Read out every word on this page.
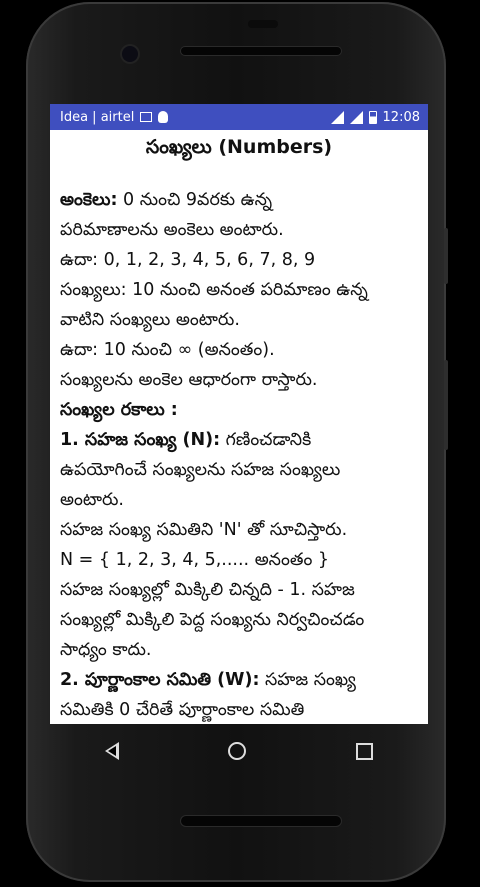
Idea | airtel	12:08
సంఖ్యలు (Numbers)

అంకెలు: 0 నుంచి 9వరకు ఉన్న

పరిమాణాలను అంకెలు అంటారు.

ఉదా: 0, 1, 2, 3, 4, 5, 6, 7, 8, 9

సంఖ్యలు: 10 నుంచి అనంత పరిమాణం ఉన్న

వాటిని సంఖ్యలు అంటారు.

ఉదా: 10 నుంచి ∞ (అనంతం).

సంఖ్యలను అంకెల ఆధారంగా రాస్తారు.

సంఖ్యల రకాలు :

1. సహజ సంఖ్య (N): గణించడానికి

ఉపయోగించే సంఖ్యలను సహజ సంఖ్యలు

అంటారు.

సహజ సంఖ్య సమితిని 'N' తో సూచిస్తారు.

N = { 1, 2, 3, 4, 5,..... అనంతం }

సహజ సంఖ్యల్లో మిక్కిలి చిన్నది - 1. సహజ

సంఖ్యల్లో మిక్కిలి పెద్ద సంఖ్యను నిర్వచించడం

సాధ్యం కాదు.

2. పూర్ణాంకాల సమితి (W): సహజ సంఖ్య

సమితికి 0 చేరితే పూర్ణాంకాల సమితి
